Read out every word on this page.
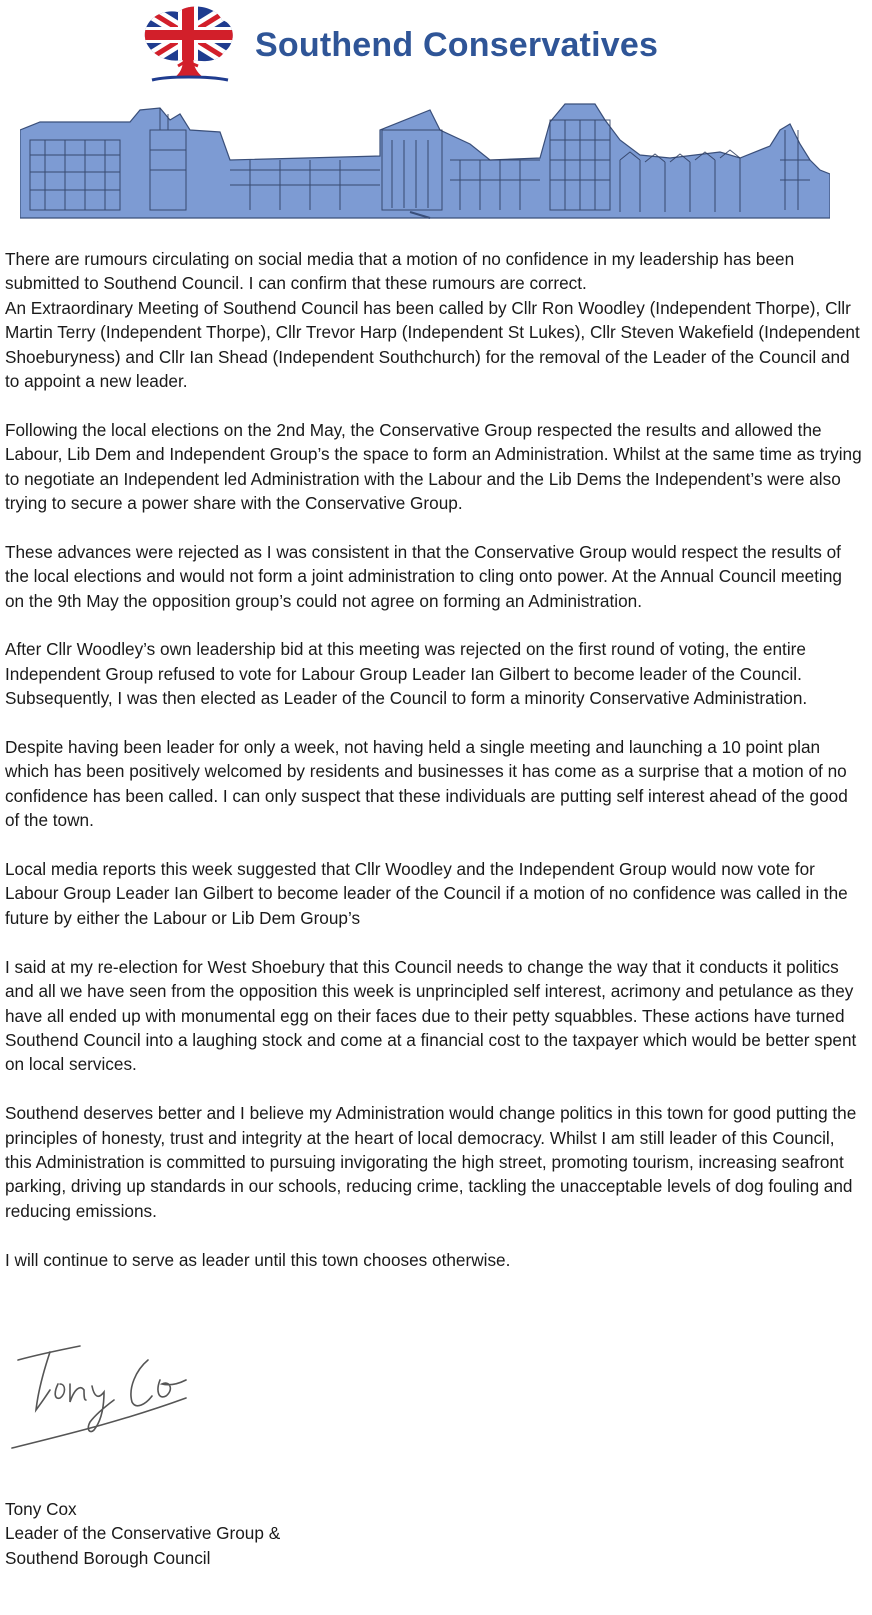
Southend Conservatives

There are rumours circulating on social media that a motion of no confidence in my leadership has been submitted to Southend Council. I can confirm that these rumours are correct.

An Extraordinary Meeting of Southend Council has been called by Cllr Ron Woodley (Independent Thorpe), Cllr Martin Terry (Independent Thorpe), Cllr Trevor Harp (Independent St Lukes), Cllr Steven Wakefield (Independent Shoeburyness) and Cllr Ian Shead (Independent Southchurch) for the removal of the Leader of the Council and to appoint a new leader.

Following the local elections on the 2nd May, the Conservative Group respected the results and allowed the Labour, Lib Dem and Independent Group’s the space to form an Administration. Whilst at the same time as trying to negotiate an Independent led Administration with the Labour and the Lib Dems the Independent’s were also trying to secure a power share with the Conservative Group.

These advances were rejected as I was consistent in that the Conservative Group would respect the results of the local elections and would not form a joint administration to cling onto power. At the Annual Council meeting on the 9th May the opposition group’s could not agree on forming an Administration.

After Cllr Woodley’s own leadership bid at this meeting was rejected on the first round of voting, the entire Independent Group refused to vote for Labour Group Leader Ian Gilbert to become leader of the Council. Subsequently, I was then elected as Leader of the Council to form a minority Conservative Administration.

Despite having been leader for only a week, not having held a single meeting and launching a 10 point plan which has been positively welcomed by residents and businesses it has come as a surprise that a motion of no confidence has been called. I can only suspect that these individuals are putting self interest ahead of the good of the town.

Local media reports this week suggested that Cllr Woodley and the Independent Group would now vote for Labour Group Leader Ian Gilbert to become leader of the Council if a motion of no confidence was called in the future by either the Labour or Lib Dem Group’s

I said at my re-election for West Shoebury that this Council needs to change the way that it conducts it politics and all we have seen from the opposition this week is unprincipled self interest, acrimony and petulance as they have all ended up with monumental egg on their faces due to their petty squabbles. These actions have turned Southend Council into a laughing stock and come at a financial cost to the taxpayer which would be better spent on local services.

Southend deserves better and I believe my Administration would change politics in this town for good putting the principles of honesty, trust and integrity at the heart of local democracy. Whilst I am still leader of this Council, this Administration is committed to pursuing invigorating the high street, promoting tourism, increasing seafront parking, driving up standards in our schools, reducing crime, tackling the unacceptable levels of dog fouling and reducing emissions.

I will continue to serve as leader until this town chooses otherwise.

Tony Cox
Leader of the Conservative Group &
Southend Borough Council
